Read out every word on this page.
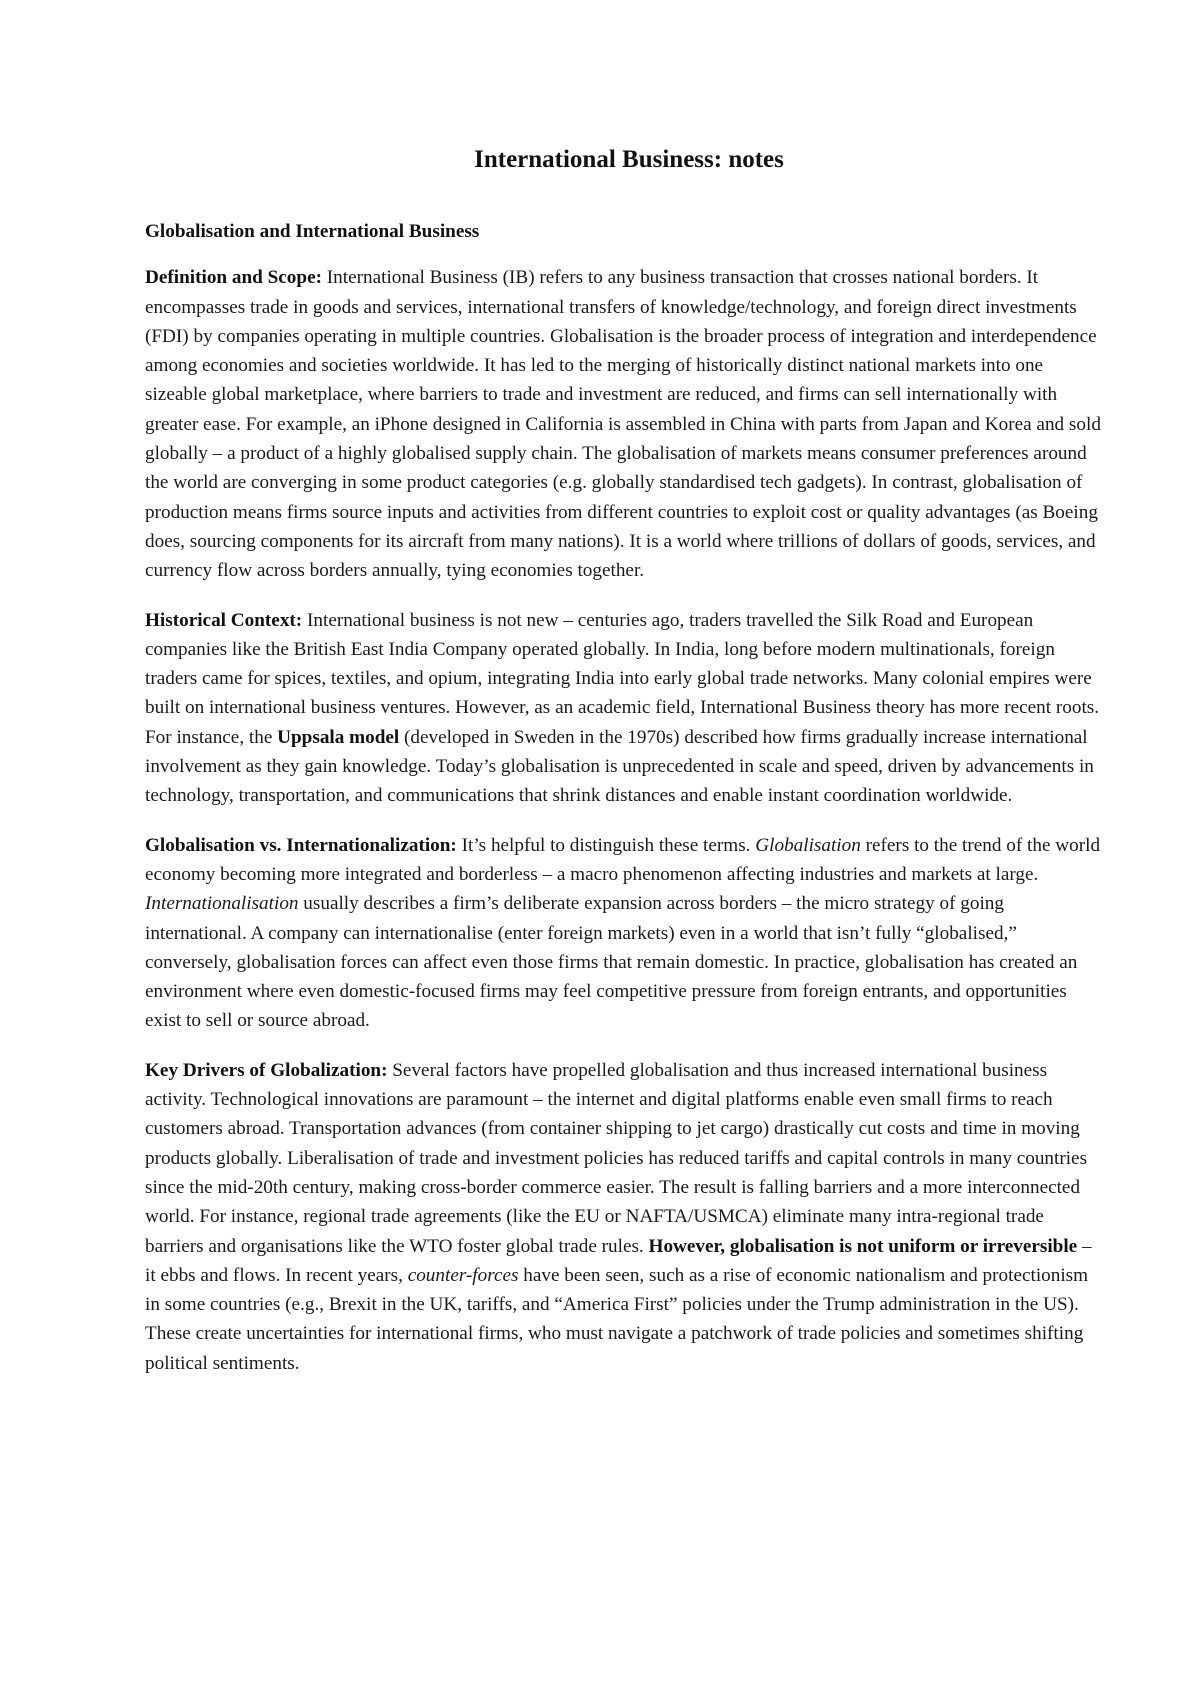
International Business: notes
Globalisation and International Business

Definition and Scope: International Business (IB) refers to any business transaction that crosses national borders. It encompasses trade in goods and services, international transfers of knowledge/technology, and foreign direct investments (FDI) by companies operating in multiple countries. Globalisation is the broader process of integration and interdependence among economies and societies worldwide. It has led to the merging of historically distinct national markets into one sizeable global marketplace, where barriers to trade and investment are reduced, and firms can sell internationally with greater ease. For example, an iPhone designed in California is assembled in China with parts from Japan and Korea and sold globally – a product of a highly globalised supply chain. The globalisation of markets means consumer preferences around the world are converging in some product categories (e.g. globally standardised tech gadgets). In contrast, globalisation of production means firms source inputs and activities from different countries to exploit cost or quality advantages (as Boeing does, sourcing components for its aircraft from many nations). It is a world where trillions of dollars of goods, services, and currency flow across borders annually, tying economies together.

Historical Context: International business is not new – centuries ago, traders travelled the Silk Road and European companies like the British East India Company operated globally. In India, long before modern multinationals, foreign traders came for spices, textiles, and opium, integrating India into early global trade networks. Many colonial empires were built on international business ventures. However, as an academic field, International Business theory has more recent roots. For instance, the Uppsala model (developed in Sweden in the 1970s) described how firms gradually increase international involvement as they gain knowledge. Today’s globalisation is unprecedented in scale and speed, driven by advancements in technology, transportation, and communications that shrink distances and enable instant coordination worldwide.

Globalisation vs. Internationalization: It’s helpful to distinguish these terms. Globalisation refers to the trend of the world economy becoming more integrated and borderless – a macro phenomenon affecting industries and markets at large. Internationalisation usually describes a firm’s deliberate expansion across borders – the micro strategy of going international. A company can internationalise (enter foreign markets) even in a world that isn’t fully “globalised,” conversely, globalisation forces can affect even those firms that remain domestic. In practice, globalisation has created an environment where even domestic-focused firms may feel competitive pressure from foreign entrants, and opportunities exist to sell or source abroad.

Key Drivers of Globalization: Several factors have propelled globalisation and thus increased international business activity. Technological innovations are paramount – the internet and digital platforms enable even small firms to reach customers abroad. Transportation advances (from container shipping to jet cargo) drastically cut costs and time in moving products globally. Liberalisation of trade and investment policies has reduced tariffs and capital controls in many countries since the mid-20th century, making cross-border commerce easier. The result is falling barriers and a more interconnected world. For instance, regional trade agreements (like the EU or NAFTA/USMCA) eliminate many intra-regional trade barriers and organisations like the WTO foster global trade rules. However, globalisation is not uniform or irreversible – it ebbs and flows. In recent years, counter-forces have been seen, such as a rise of economic nationalism and protectionism in some countries (e.g., Brexit in the UK, tariffs, and “America First” policies under the Trump administration in the US). These create uncertainties for international firms, who must navigate a patchwork of trade policies and sometimes shifting political sentiments.
